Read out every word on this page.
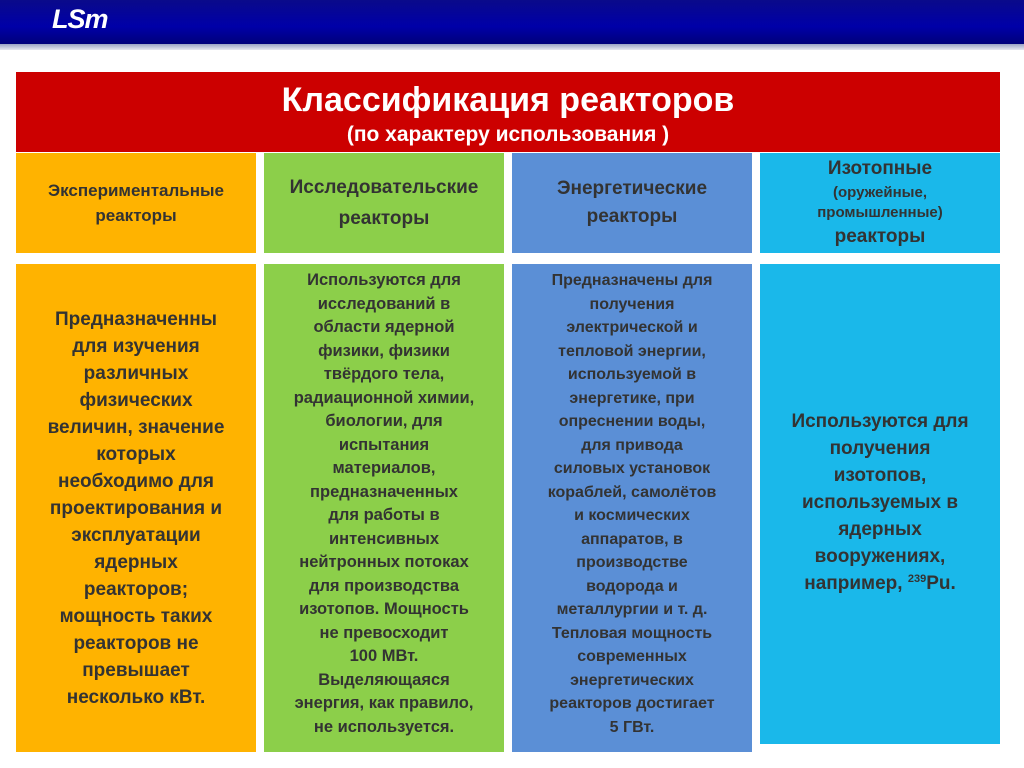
LSm
Классификация реакторов
(по характеру использования )
Экспериментальные
реакторы
Предназначенны
для изучения
различных
физических
величин, значение
которых
необходимо для
проектирования и
эксплуатации
ядерных
реакторов;
мощность таких
реакторов не
превышает
несколько кВт.
Исследовательские
реакторы
Используются для
исследований в
области ядерной
физики, физики
твёрдого тела,
радиационной химии,
биологии, для
испытания
материалов,
предназначенных
для работы в
интенсивных
нейтронных потоках
для производства
изотопов. Мощность
не превосходит
100 МВт.
Выделяющаяся
энергия, как правило,
не используется.
Энергетические
реакторы
Предназначены для
получения
электрической и
тепловой энергии,
используемой в
энергетике, при
опреснении воды,
для привода
силовых установок
кораблей, самолётов
и космических
аппаратов, в
производстве
водорода и
металлургии и т. д.
Тепловая мощность
современных
энергетических
реакторов достигает
5 ГВт.
Изотопные
(оружейные,
промышленные)
реакторы
Используются для
получения
изотопов,
используемых в
ядерных
вооружениях,
например, $^{239}$Pu.
